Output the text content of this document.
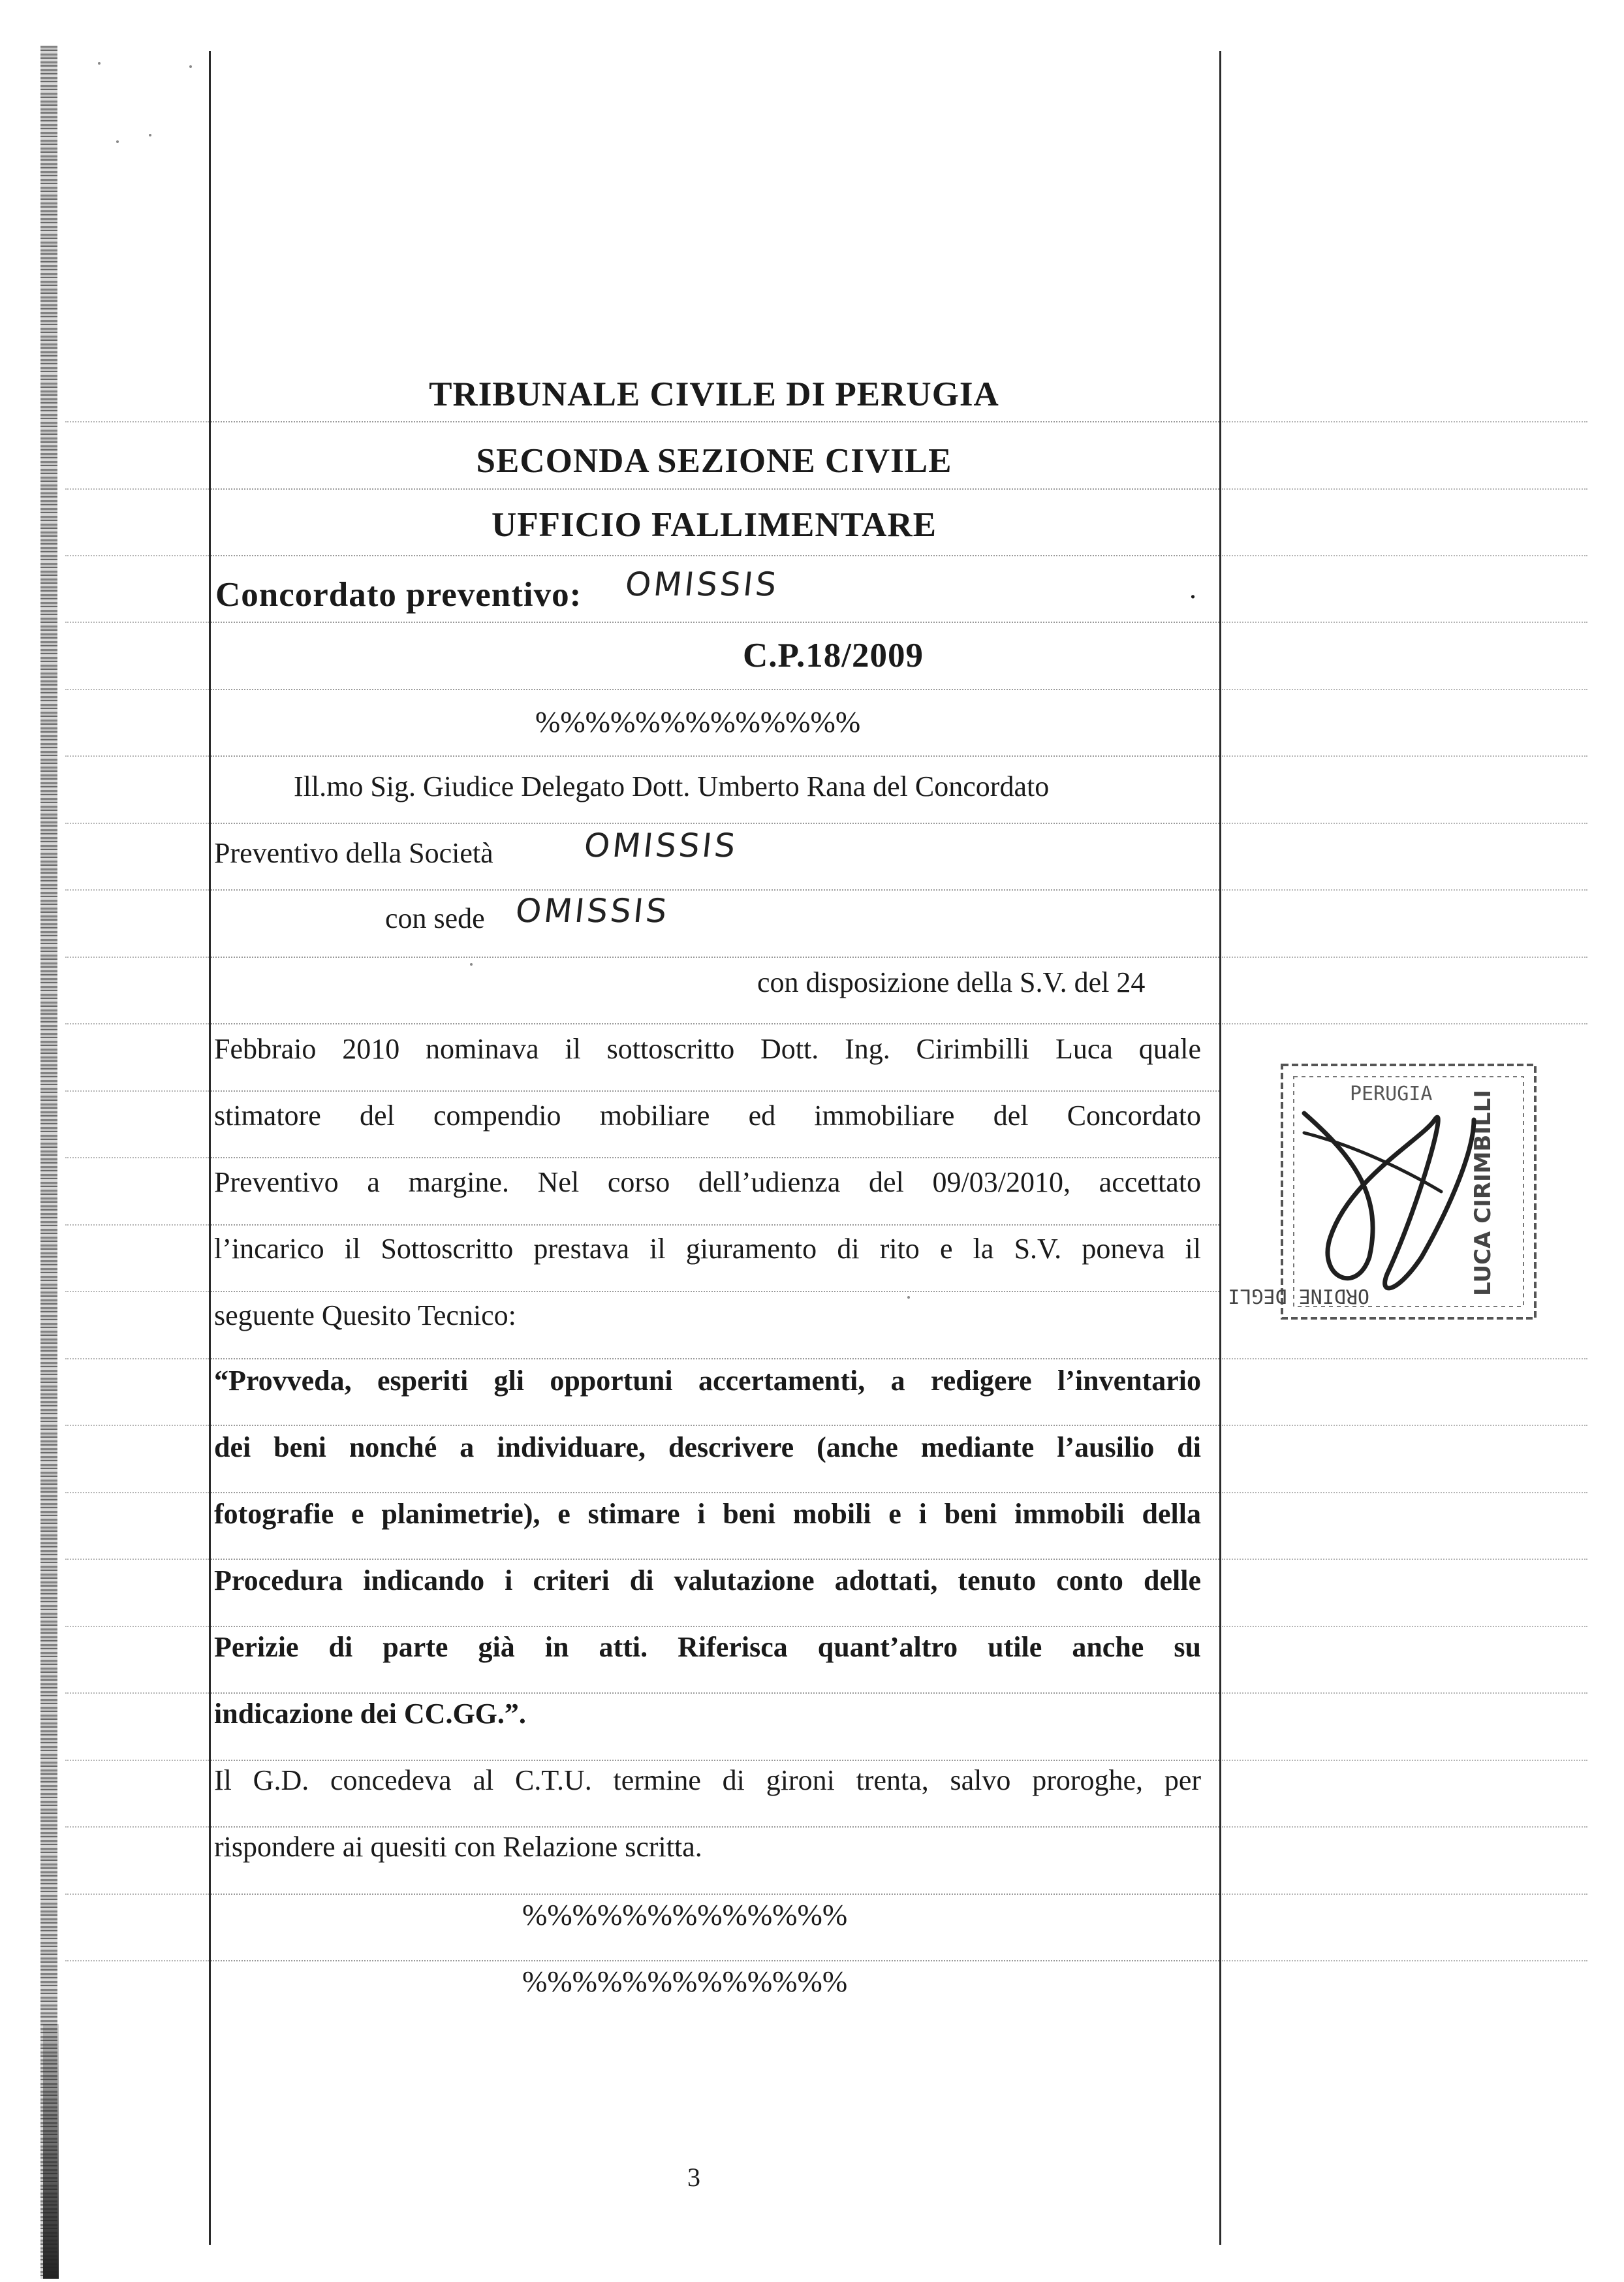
TRIBUNALE CIVILE DI PERUGIA
SECONDA SEZIONE CIVILE
UFFICIO FALLIMENTARE
Concordato preventivo: OMISSIS	.
C.P.18/2009
%%%%%%%%%%%%%
Ill.mo Sig. Giudice Delegato Dott. Umberto Rana del Concordato
Preventivo della Società	OMISSIS
con sede OMISSIS
con disposizione della S.V. del 24
Febbraio 2010 nominava il sottoscritto Dott. Ing. Cirimbilli Luca quale
stimatore del compendio mobiliare ed immobiliare del Concordato
Preventivo a margine. Nel corso dell’udienza del 09/03/2010, accettato
l’incarico il Sottoscritto prestava il giuramento di rito e la S.V. poneva il
seguente Quesito Tecnico:
“Provveda, esperiti gli opportuni accertamenti, a redigere l’inventario
dei beni nonché a individuare, descrivere (anche mediante l’ausilio di
fotografie e planimetrie), e stimare i beni mobili e i beni immobili della
Procedura indicando i criteri di valutazione adottati, tenuto conto delle
Perizie di parte già in atti. Riferisca quant’altro utile anche su
indicazione dei CC.GG.”.
Il G.D. concedeva al C.T.U. termine di gironi trenta, salvo proroghe, per
rispondere ai quesiti con Relazione scritta.
%%%%%%%%%%%%%
%%%%%%%%%%%%%
PERUGIA
ORDINE DEGLI	LUCA CIRIMBILLI
3
